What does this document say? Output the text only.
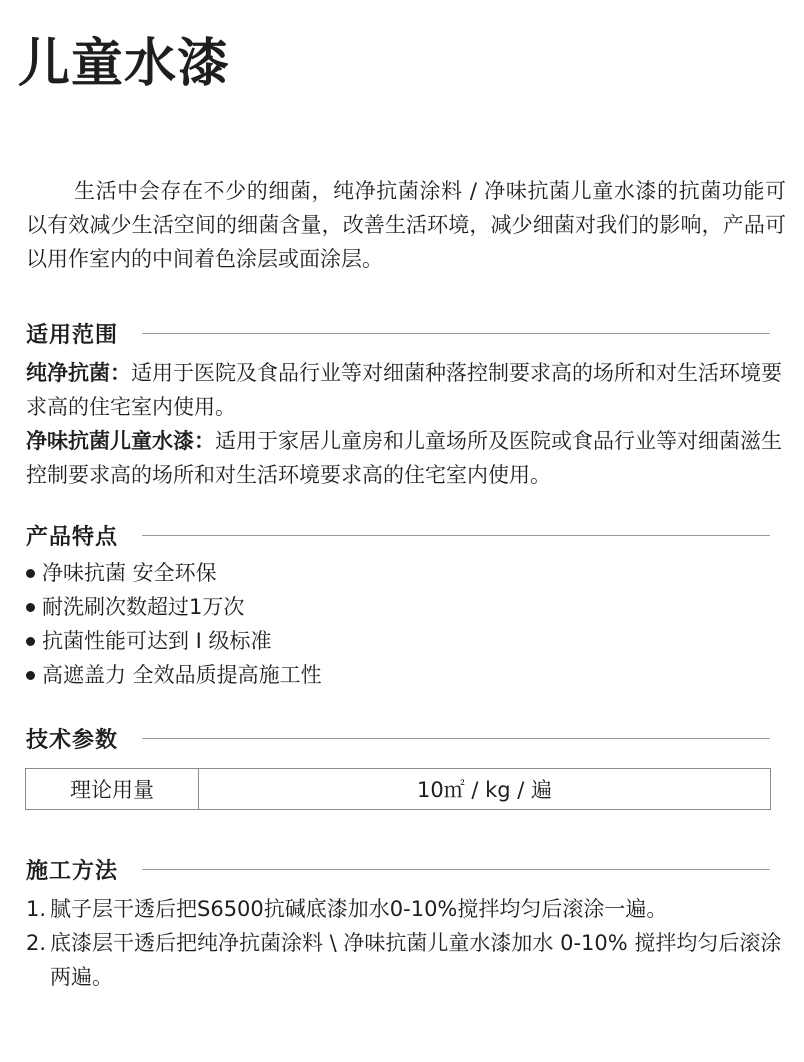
儿童水漆

生活中会存在不少的细菌，纯净抗菌涂料 / 净味抗菌儿童水漆的抗菌功能可以有效减少生活空间的细菌含量，改善生活环境，减少细菌对我们的影响，产品可以用作室内的中间着色涂层或面涂层。

适用范围

纯净抗菌：适用于医院及食品行业等对细菌种落控制要求高的场所和对生活环境要求高的住宅室内使用。

净味抗菌儿童水漆：适用于家居儿童房和儿童场所及医院或食品行业等对细菌滋生控制要求高的场所和对生活环境要求高的住宅室内使用。

产品特点
净味抗菌 安全环保
耐洗刷次数超过1万次
抗菌性能可达到 I 级标准
高遮盖力 全效品质提高施工性
技术参数
理论用量	10㎡ / kg / 遍
施工方法
1. 腻子层干透后把S6500抗碱底漆加水0-10%搅拌均匀后滚涂一遍。
2. 底漆层干透后把纯净抗菌涂料 \ 净味抗菌儿童水漆加水 0-10% 搅拌均匀后滚涂两遍。
